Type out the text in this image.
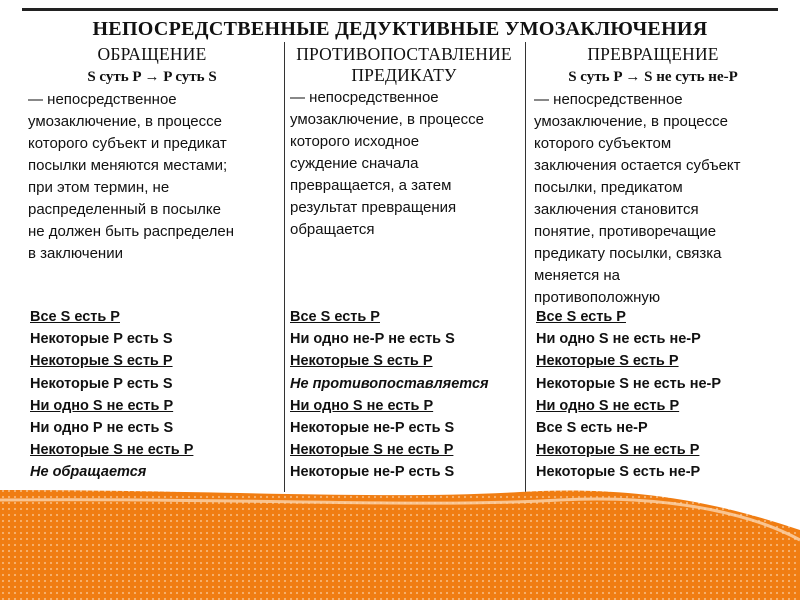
НЕПОСРЕДСТВЕННЫЕ ДЕДУКТИВНЫЕ УМОЗАКЛЮЧЕНИЯ
ОБРАЩЕНИЕ
S суть P → P суть S
— непосредственное
умозаключение, в процессе
которого субъект и предикат
посылки меняются местами;
при этом термин, не
распределенный в посылке
не должен быть распределен
в заключении
Все S есть Р
Некоторые Р есть S
Некоторые S есть Р
Некоторые Р есть S
Ни одно S не есть Р
Ни одно Р не есть S
Некоторые S не есть Р
Не обращается
ПРОТИВОПОСТАВЛЕНИЕ
ПРЕДИКАТУ
— непосредственное
умозаключение, в процессе
которого исходное
суждение сначала
превращается, а затем
результат превращения
обращается
Все S есть Р
Ни одно не-Р не есть S
Некоторые S есть Р
Не противопоставляется
Ни одно S не есть Р
Некоторые не-Р есть S
Некоторые S не есть Р
Некоторые не-Р есть S
ПРЕВРАЩЕНИЕ
S суть P → S не суть не-P
— непосредственное
умозаключение, в процессе
которого субъектом
заключения остается субъект
посылки, предикатом
заключения становится
понятие, противоречащие
предикату посылки, связка
меняется на
противоположную
Все S есть Р
Ни одно S не есть не-Р
Некоторые S есть Р
Некоторые S не есть не-Р
Ни одно S не есть Р
Все S есть не-Р
Некоторые S не есть Р
Некоторые S есть не-Р
